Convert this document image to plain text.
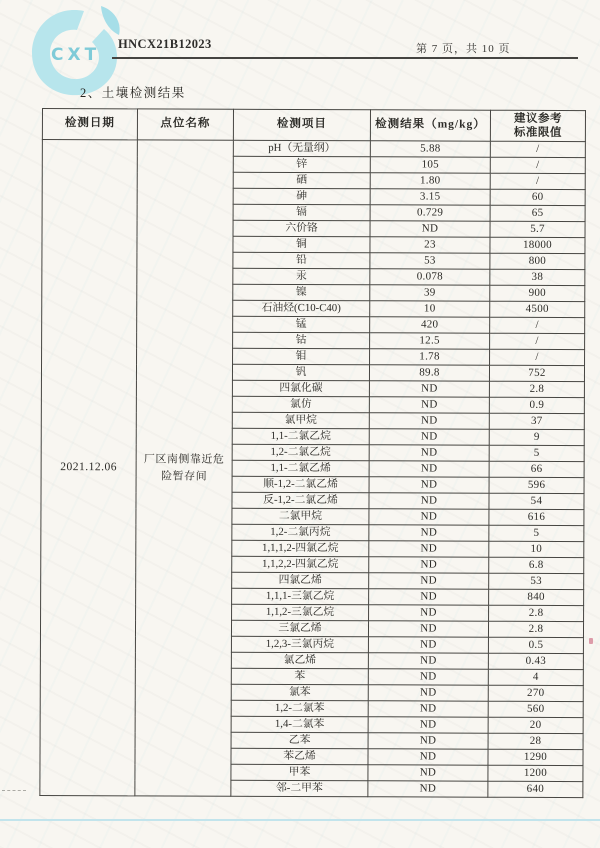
CXT
HNCX21B12023	第 7 页，共 10 页
2、土壤检测结果
检测日期	点位名称	检测项目	检测结果（mg/kg）	建议参考
标准限值

2021.12.06	厂区南侧靠近危险暂存间	pH（无量纲）	5.88	/
		锌	105	/
		硒	1.80	/
		砷	3.15	60
		镉	0.729	65
		六价铬	ND	5.7
		铜	23	18000
		铅	53	800
		汞	0.078	38
		镍	39	900
		石油烃(C10-C40)	10	4500
		锰	420	/
		钴	12.5	/
		钼	1.78	/
		钒	89.8	752
		四氯化碳	ND	2.8
		氯仿	ND	0.9
		氯甲烷	ND	37
		1,1-二氯乙烷	ND	9
		1,2-二氯乙烷	ND	5
		1,1-二氯乙烯	ND	66
		顺-1,2-二氯乙烯	ND	596
		反-1,2-二氯乙烯	ND	54
		二氯甲烷	ND	616
		1,2-二氯丙烷	ND	5
		1,1,1,2-四氯乙烷	ND	10
		1,1,2,2-四氯乙烷	ND	6.8
		四氯乙烯	ND	53
		1,1,1-三氯乙烷	ND	840
		1,1,2-三氯乙烷	ND	2.8
		三氯乙烯	ND	2.8
		1,2,3-三氯丙烷	ND	0.5
		氯乙烯	ND	0.43
		苯	ND	4
		氯苯	ND	270
		1,2-二氯苯	ND	560
		1,4-二氯苯	ND	20
		乙苯	ND	28
		苯乙烯	ND	1290
		甲苯	ND	1200
		邻-二甲苯	ND	640
